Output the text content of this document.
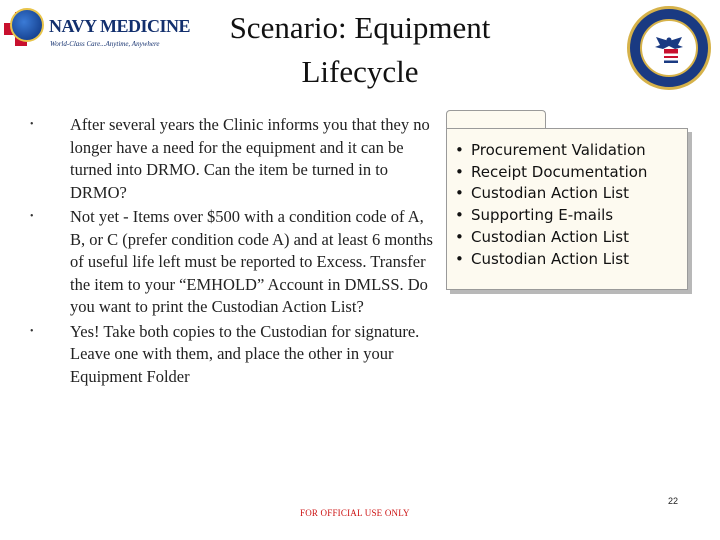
NAVY MEDICINE
World-Class Care...Anytime, Anywhere	Scenario: Equipment
Lifecycle
• After several years the Clinic informs you that they no longer have a need for the equipment and it can be turned into DRMO. Can the item be turned in to DRMO?
• Not yet - Items over $500 with a condition code of A, B, or C (prefer condition code A) and at least 6 months of useful life left must be reported to Excess. Transfer the item to your “EMHOLD” Account in DMLSS. Do you want to print the Custodian Action List?
• Yes! Take both copies to the Custodian for signature. Leave one with them, and place the other in your Equipment Folder
• Procurement Validation
• Receipt Documentation
• Custodian Action List
• Supporting E-mails
• Custodian Action List
• Custodian Action List
22
FOR OFFICIAL USE ONLY
